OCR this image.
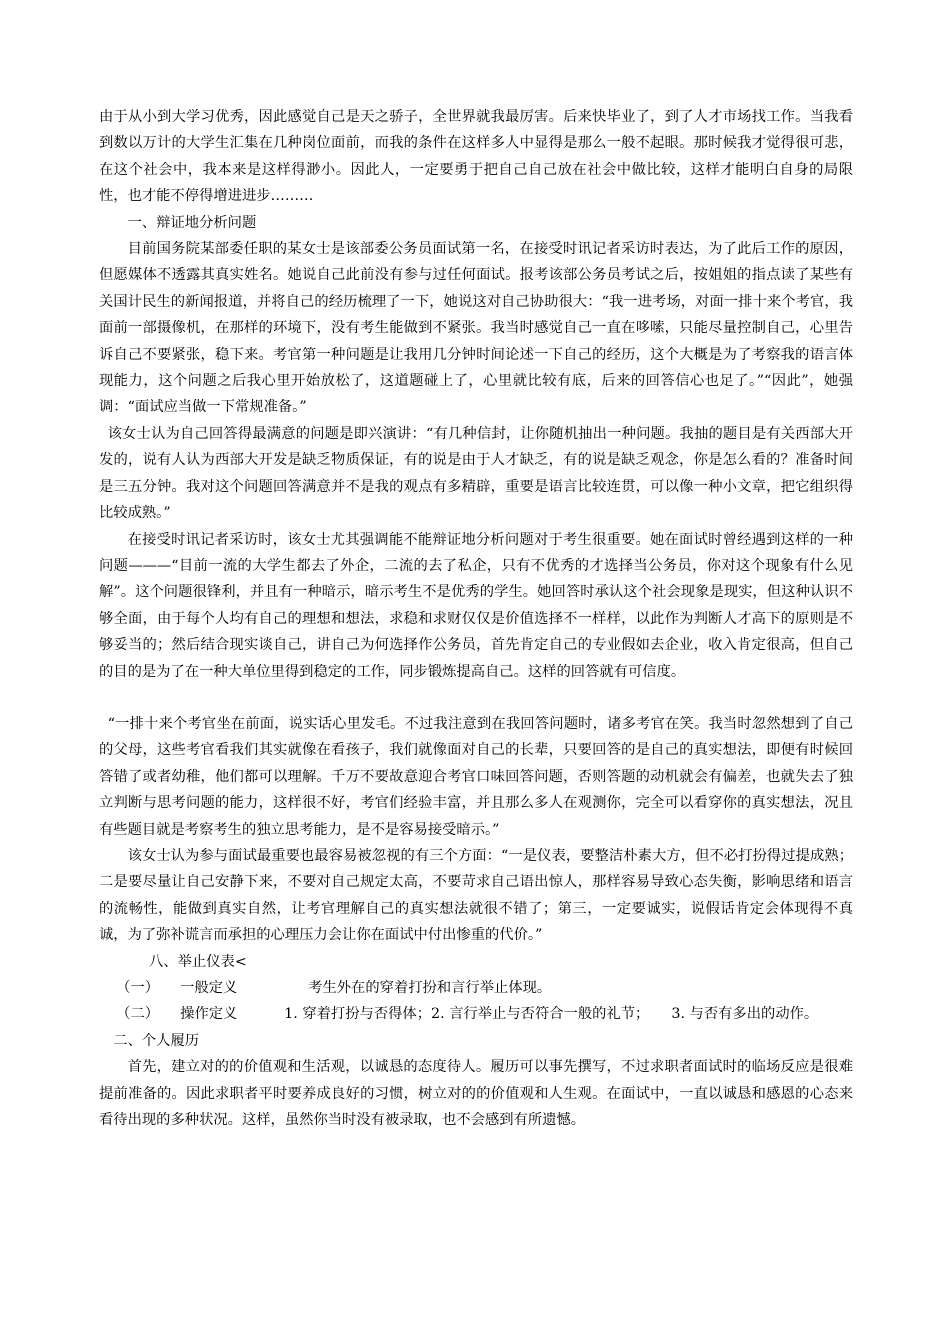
由于从小到大学习优秀，因此感觉自己是天之骄子，全世界就我最厉害。后来快毕业了，到了人才市场找工作。当我看到数以万计的大学生汇集在几种岗位面前，而我的条件在这样多人中显得是那么一般不起眼。那时候我才觉得很可悲，在这个社会中，我本来是这样得渺小。因此人，一定要勇于把自己自己放在社会中做比较，这样才能明白自身的局限性，也才能不停得增进进步………

一、辩证地分析问题

目前国务院某部委任职的某女士是该部委公务员面试第一名，在接受时讯记者采访时表达，为了此后工作的原因，但愿媒体不透露其真实姓名。她说自己此前没有参与过任何面试。报考该部公务员考试之后，按姐姐的指点读了某些有关国计民生的新闻报道，并将自己的经历梳理了一下，她说这对自己协助很大：“我一进考场，对面一排十来个考官，我面前一部摄像机，在那样的环境下，没有考生能做到不紧张。我当时感觉自己一直在哆嗦，只能尽量控制自己，心里告诉自己不要紧张，稳下来。考官第一种问题是让我用几分钟时间论述一下自己的经历，这个大概是为了考察我的语言体现能力，这个问题之后我心里开始放松了，这道题碰上了，心里就比较有底，后来的回答信心也足了。”“因此”，她强调：“面试应当做一下常规准备。”

该女士认为自己回答得最满意的问题是即兴演讲：“有几种信封，让你随机抽出一种问题。我抽的题目是有关西部大开发的，说有人认为西部大开发是缺乏物质保证，有的说是由于人才缺乏，有的说是缺乏观念，你是怎么看的？准备时间是三五分钟。我对这个问题回答满意并不是我的观点有多精辟，重要是语言比较连贯，可以像一种小文章，把它组织得比较成熟。”

在接受时讯记者采访时，该女士尤其强调能不能辩证地分析问题对于考生很重要。她在面试时曾经遇到这样的一种问题———“目前一流的大学生都去了外企，二流的去了私企，只有不优秀的才选择当公务员，你对这个现象有什么见解”。这个问题很锋利，并且有一种暗示，暗示考生不是优秀的学生。她回答时承认这个社会现象是现实，但这种认识不够全面，由于每个人均有自己的理想和想法，求稳和求财仅仅是价值选择不一样样，以此作为判断人才高下的原则是不够妥当的；然后结合现实谈自己，讲自己为何选择作公务员，首先肯定自己的专业假如去企业，收入肯定很高，但自己的目的是为了在一种大单位里得到稳定的工作，同步锻炼提高自己。这样的回答就有可信度。

“一排十来个考官坐在前面，说实话心里发毛。不过我注意到在我回答问题时，诸多考官在笑。我当时忽然想到了自己的父母，这些考官看我们其实就像在看孩子，我们就像面对自己的长辈，只要回答的是自己的真实想法，即便有时候回答错了或者幼稚，他们都可以理解。千万不要故意迎合考官口味回答问题，否则答题的动机就会有偏差，也就失去了独立判断与思考问题的能力，这样很不好，考官们经验丰富，并且那么多人在观测你，完全可以看穿你的真实想法，况且有些题目就是考察考生的独立思考能力，是不是容易接受暗示。”

该女士认为参与面试最重要也最容易被忽视的有三个方面：“一是仪表，要整洁朴素大方，但不必打扮得过提成熟；二是要尽量让自己安静下来，不要对自己规定太高，不要苛求自己语出惊人，那样容易导致心态失衡，影响思绪和语言的流畅性，能做到真实自然，让考官理解自己的真实想法就很不错了；第三，一定要诚实，说假话肯定会体现得不真诚，为了弥补谎言而承担的心理压力会让你在面试中付出惨重的代价。”

八、举止仪表<

（一）	一般定义	考生外在的穿着打扮和言行举止体现。

（二） 操作定义	1. 穿着打扮与否得体；2. 言行举止与否符合一般的礼节； 3. 与否有多出的动作。

二、个人履历

首先，建立对的的价值观和生活观，以诚恳的态度待人。履历可以事先撰写，不过求职者面试时的临场反应是很难提前准备的。因此求职者平时要养成良好的习惯，树立对的的价值观和人生观。在面试中，一直以诚恳和感恩的心态来看待出现的多种状况。这样，虽然你当时没有被录取，也不会感到有所遗憾。
